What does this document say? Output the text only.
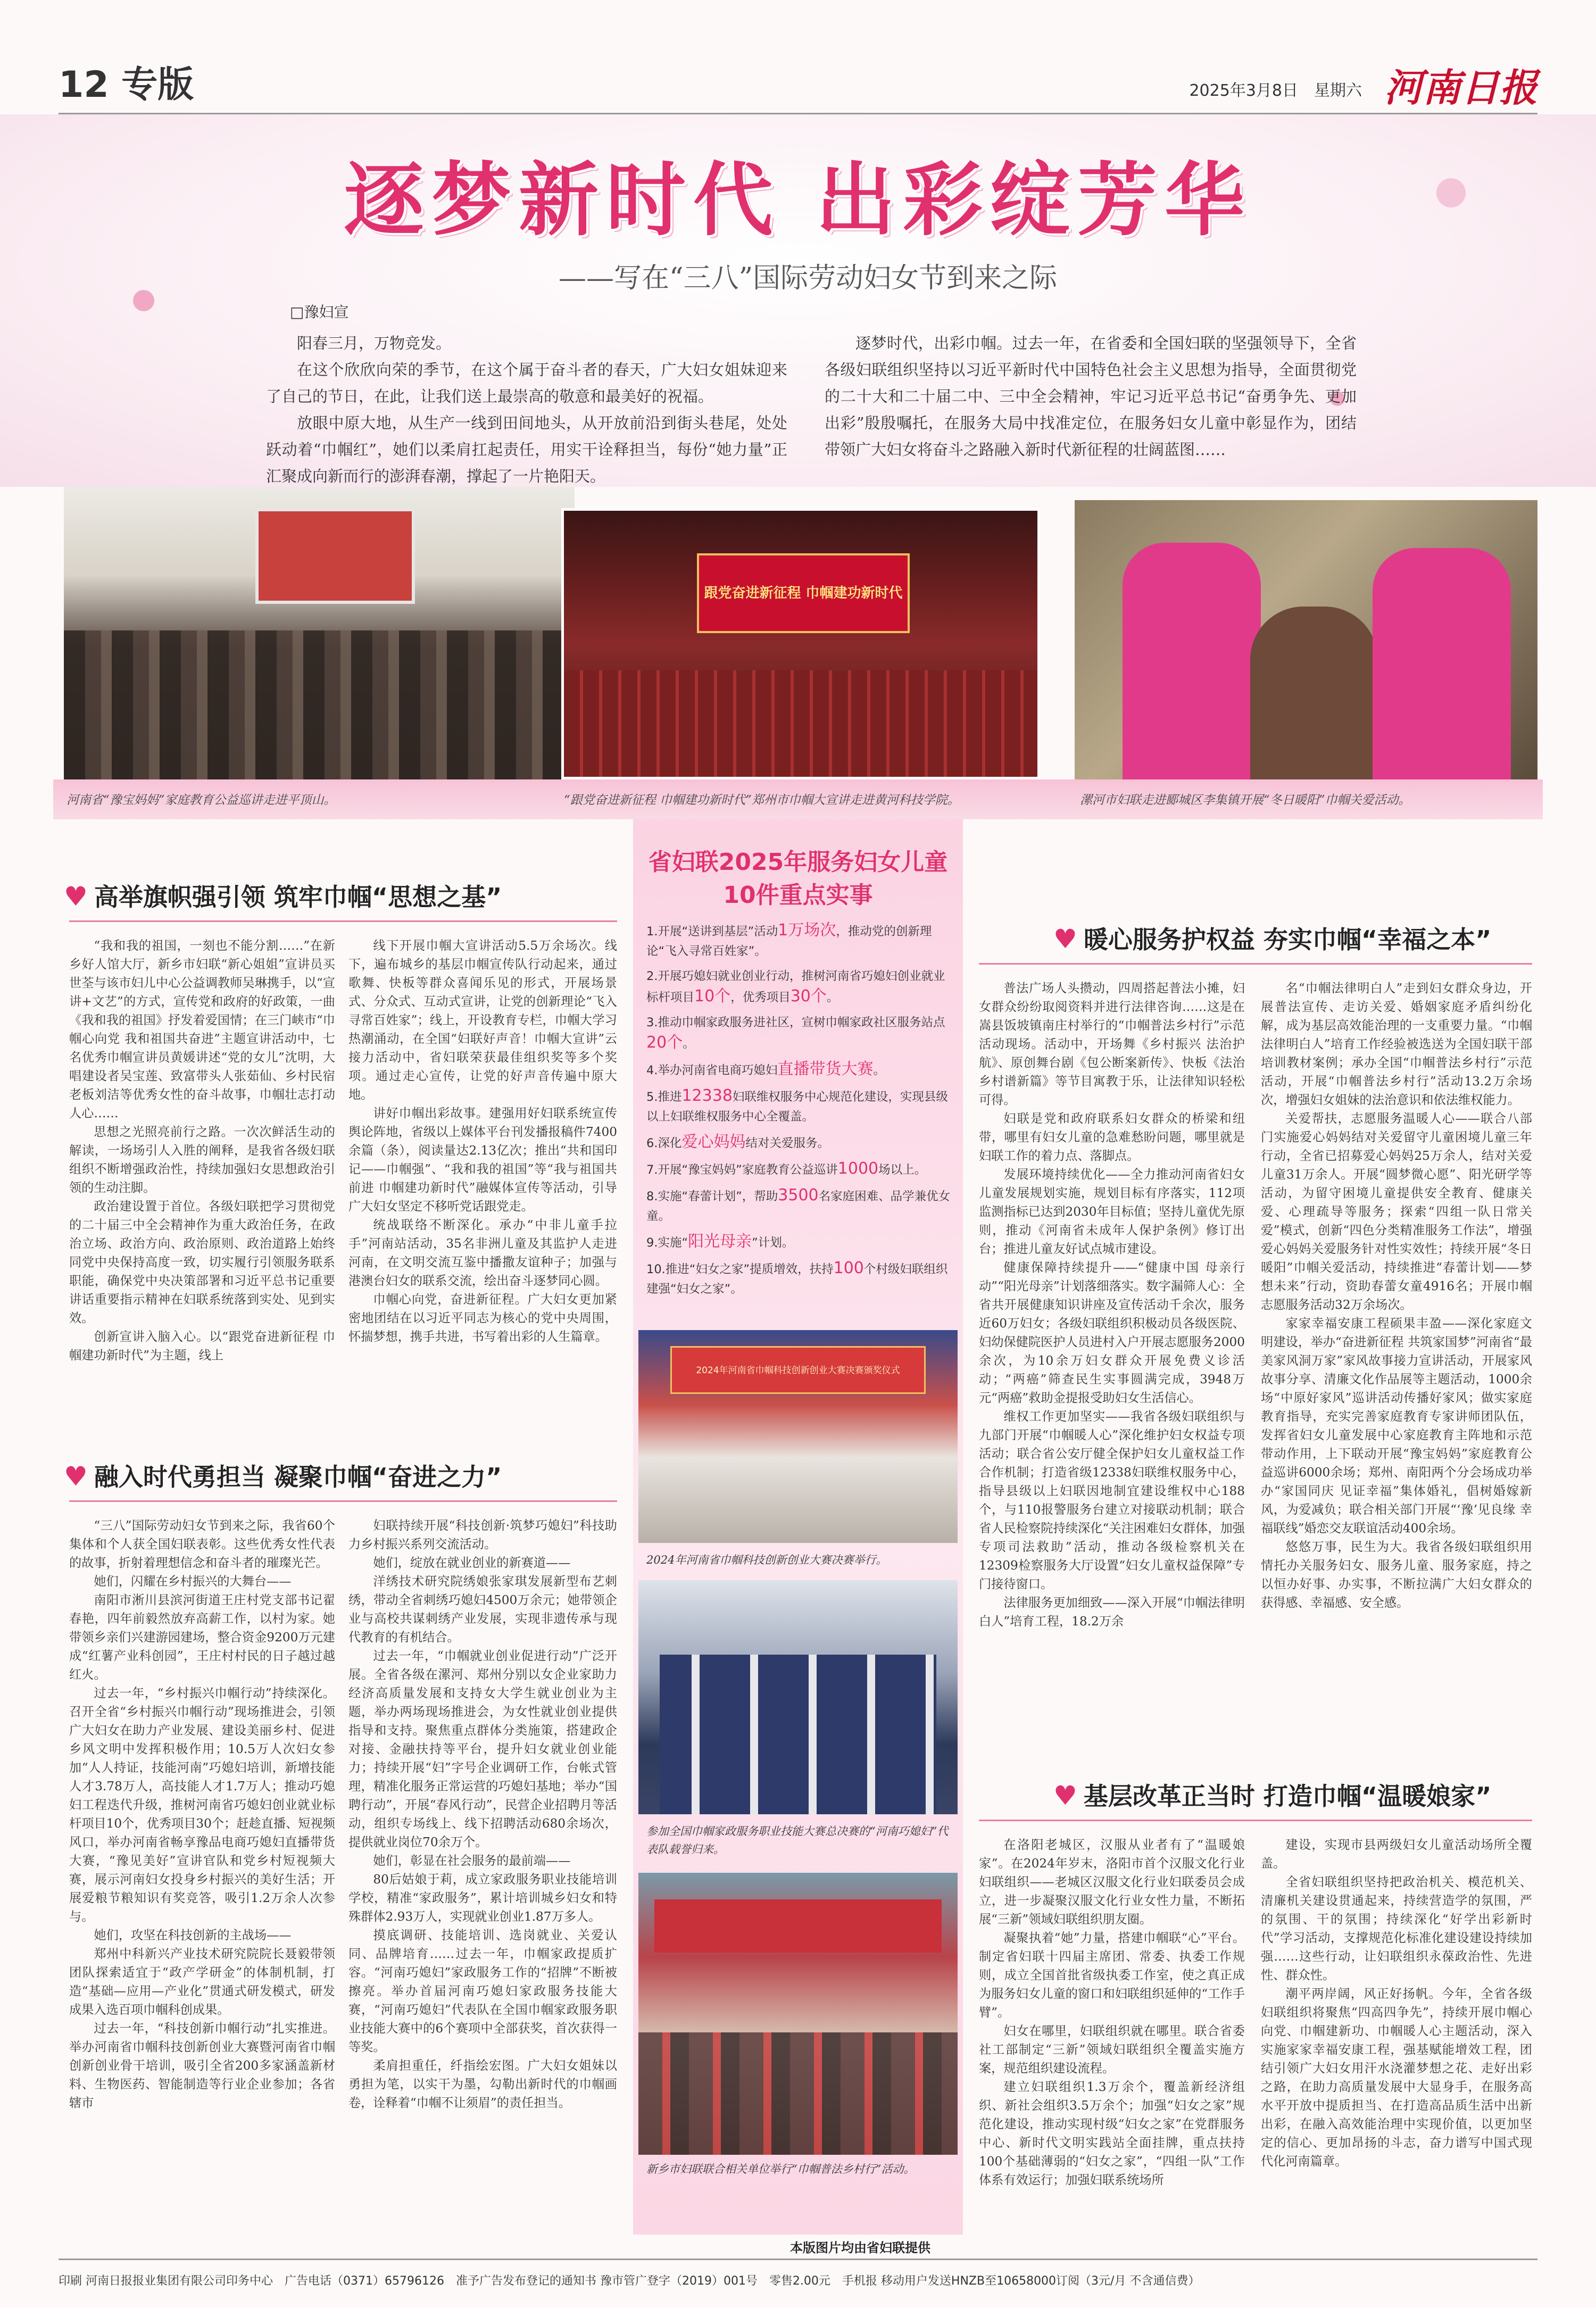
12 专版	2025年3月8日　星期六 河南日报
逐梦新时代 出彩绽芳华
——写在“三八”国际劳动妇女节到来之际
□豫妇宣

阳春三月，万物竞发。

在这个欣欣向荣的季节，在这个属于奋斗者的春天，广大妇女姐妹迎来了自己的节日，在此，让我们送上最崇高的敬意和最美好的祝福。

放眼中原大地，从生产一线到田间地头，从开放前沿到街头巷尾，处处跃动着“巾帼红”，她们以柔肩扛起责任，用实干诠释担当，每份“她力量”正汇聚成向新而行的澎湃春潮，撑起了一片艳阳天。

逐梦时代，出彩巾帼。过去一年，在省委和全国妇联的坚强领导下，全省各级妇联组织坚持以习近平新时代中国特色社会主义思想为指导，全面贯彻党的二十大和二十届二中、三中全会精神，牢记习近平总书记“奋勇争先、更加出彩”殷殷嘱托，在服务大局中找准定位，在服务妇女儿童中彰显作为，团结带领广大妇女将奋斗之路融入新时代新征程的壮阔蓝图……

跟党奋进新征程 巾帼建功新时代
河南省“豫宝妈妈”家庭教育公益巡讲走进平顶山。	“跟党奋进新征程 巾帼建功新时代”郑州市巾帼大宣讲走进黄河科技学院。	漯河市妇联走进郾城区李集镇开展“冬日暖阳”巾帼关爱活动。
♥ 高举旗帜强引领 筑牢巾帼“思想之基”

“我和我的祖国，一刻也不能分割……”在新乡好人馆大厅，新乡市妇联“新心姐姐”宣讲员买世荃与该市妇儿中心公益调教师吴琳携手，以“宣讲+文艺”的方式，宣传党和政府的好政策，一曲《我和我的祖国》抒发着爱国情；在三门峡市“巾帼心向党 我和祖国共奋进”主题宣讲活动中，七名优秀巾帼宣讲员黄媛讲述“党的女儿”沈明，大唱建设者吴宝莲、致富带头人张茹仙、乡村民宿老板刘洁等优秀女性的奋斗故事，巾帼壮志打动人心……

思想之光照亮前行之路。一次次鲜活生动的解读，一场场引人入胜的阐释，是我省各级妇联组织不断增强政治性，持续加强妇女思想政治引领的生动注脚。

政治建设置于首位。各级妇联把学习贯彻党的二十届三中全会精神作为重大政治任务，在政治立场、政治方向、政治原则、政治道路上始终同党中央保持高度一致，切实履行引领服务联系职能，确保党中央决策部署和习近平总书记重要讲话重要指示精神在妇联系统落到实处、见到实效。

创新宣讲入脑入心。以“跟党奋进新征程 巾帼建功新时代”为主题，线上

线下开展巾帼大宣讲活动5.5万余场次。线下，遍布城乡的基层巾帼宣传队行动起来，通过歌舞、快板等群众喜闻乐见的形式，开展场景式、分众式、互动式宣讲，让党的创新理论“飞入寻常百姓家”；线上，开设教育专栏，巾帼大学习热潮涌动，在全国“妇联好声音！巾帼大宣讲”云接力活动中，省妇联荣获最佳组织奖等多个奖项。通过走心宣传，让党的好声音传遍中原大地。

讲好巾帼出彩故事。建强用好妇联系统宣传舆论阵地，省级以上媒体平台刊发播报稿件7400余篇（条），阅读量达2.13亿次；推出“共和国印记——巾帼强”、“我和我的祖国”等“我与祖国共前进 巾帼建功新时代”融媒体宣传等活动，引导广大妇女坚定不移听党话跟党走。

统战联络不断深化。承办“中非儿童手拉手”河南站活动，35名非洲儿童及其监护人走进河南，在文明交流互鉴中播撒友谊种子；加强与港澳台妇女的联系交流，绘出奋斗逐梦同心圆。

巾帼心向党，奋进新征程。广大妇女更加紧密地团结在以习近平同志为核心的党中央周围，怀揣梦想，携手共进，书写着出彩的人生篇章。

♥ 融入时代勇担当 凝聚巾帼“奋进之力”

“三八”国际劳动妇女节到来之际，我省60个集体和个人获全国妇联表彰。这些优秀女性代表的故事，折射着理想信念和奋斗者的璀璨光芒。

她们，闪耀在乡村振兴的大舞台——

南阳市淅川县滨河街道王庄村党支部书记翟春艳，四年前毅然放弃高薪工作，以村为家。她带领乡亲们兴建游园建场，整合资金9200万元建成“红薯产业科创园”，王庄村村民的日子越过越红火。

过去一年，“乡村振兴巾帼行动”持续深化。召开全省“乡村振兴巾帼行动”现场推进会，引领广大妇女在助力产业发展、建设美丽乡村、促进乡风文明中发挥积极作用；10.5万人次妇女参加“人人持证，技能河南”巧媳妇培训，新增技能人才3.78万人，高技能人才1.7万人；推动巧媳妇工程迭代升级，推树河南省巧媳妇创业就业标杆项目10个，优秀项目30个；赶趁直播、短视频风口，举办河南省畅享豫品电商巧媳妇直播带货大赛，“豫见美好”宣讲官队和党乡村短视频大赛，展示河南妇女投身乡村振兴的美好生活；开展爱粮节粮知识有奖竞答，吸引1.2万余人次参与。

她们，攻坚在科技创新的主战场——

郑州中科新兴产业技术研究院院长聂毅带领团队探索适宜于“政产学研金”的体制机制，打造“基础—应用—产业化”贯通式研发模式，研发成果入选百项巾帼科创成果。

过去一年，“科技创新巾帼行动”扎实推进。举办河南省巾帼科技创新创业大赛暨河南省巾帼创新创业骨干培训，吸引全省200多家涵盖新材料、生物医药、智能制造等行业企业参加；各省辖市

妇联持续开展“科技创新·筑梦巧媳妇”科技助力乡村振兴系列交流活动。

她们，绽放在就业创业的新赛道——

洋绣技术研究院绣娘张家琪发展新型布艺刺绣，带动全省刺绣巧媳妇4500万余元；她带领企业与高校共谋刺绣产业发展，实现非遗传承与现代教育的有机结合。

过去一年，“巾帼就业创业促进行动”广泛开展。全省各级在漯河、郑州分别以女企业家助力经济高质量发展和支持女大学生就业创业为主题，举办两场现场推进会，为女性就业创业提供指导和支持。聚焦重点群体分类施策，搭建政企对接、金融扶持等平台，提升妇女就业创业能力；持续开展“妇”字号企业调研工作，台帐式管理，精准化服务正常运营的巧媳妇基地；举办“国聘行动”，开展“春风行动”，民营企业招聘月等活动，组织专场线上、线下招聘活动680余场次，提供就业岗位70余万个。

她们，彰显在社会服务的最前端——

80后姑娘于莉，成立家政服务职业技能培训学校，精准“家政服务”，累计培训城乡妇女和特殊群体2.93万人，实现就业创业1.87万多人。

摸底调研、技能培训、选岗就业、关爱认同、品牌培育……过去一年，巾帼家政提质扩容。“河南巧媳妇”家政服务工作的“招牌”不断被擦亮。举办首届河南巧媳妇家政服务技能大赛，“河南巧媳妇”代表队在全国巾帼家政服务职业技能大赛中的6个赛项中全部获奖，首次获得一等奖。

柔肩担重任，纤指绘宏图。广大妇女姐妹以勇担为笔，以实干为墨，勾勒出新时代的巾帼画卷，诠释着“巾帼不让须眉”的责任担当。

省妇联2025年服务妇女儿童
10件重点实事

1.开展“送讲到基层”活动1万场次，推动党的创新理论“飞入寻常百姓家”。

2.开展巧媳妇就业创业行动，推树河南省巧媳妇创业就业标杆项目10个，优秀项目30个。

3.推动巾帼家政服务进社区，宣树巾帼家政社区服务站点20个。

4.举办河南省电商巧媳妇直播带货大赛。

5.推进12338妇联维权服务中心规范化建设，实现县级以上妇联维权服务中心全覆盖。

6.深化爱心妈妈结对关爱服务。

7.开展“豫宝妈妈”家庭教育公益巡讲1000场以上。

8.实施“春蕾计划”，帮助3500名家庭困难、品学兼优女童。

9.实施“阳光母亲”计划。

10.推进“妇女之家”提质增效，扶持100个村级妇联组织建强“妇女之家”。

2024年河南省巾帼科技创新创业大赛决赛颁奖仪式
2024年河南省巾帼科技创新创业大赛决赛举行。
参加全国巾帼家政服务职业技能大赛总决赛的“河南巧媳妇”代表队载誉归来。
新乡市妇联联合相关单位举行“巾帼普法乡村行”活动。
本版图片均由省妇联提供
♥ 暖心服务护权益 夯实巾帼“幸福之本”

普法广场人头攒动，四周搭起普法小摊，妇女群众纷纷取阅资料并进行法律咨询……这是在嵩县饭坡镇南庄村举行的“巾帼普法乡村行”示范活动现场。活动中，开场舞《乡村振兴 法治护航》、原创舞台剧《包公断案新传》、快板《法治乡村谱新篇》等节目寓教于乐，让法律知识轻松可得。

妇联是党和政府联系妇女群众的桥梁和纽带，哪里有妇女儿童的急难愁盼问题，哪里就是妇联工作的着力点、落脚点。

发展环境持续优化——全力推动河南省妇女儿童发展规划实施，规划目标有序落实，112项监测指标已达到2030年目标值；坚持儿童优先原则，推动《河南省未成年人保护条例》修订出台；推进儿童友好试点城市建设。

健康保障持续提升——“健康中国 母亲行动”“阳光母亲”计划落细落实。数字漏筛人心：全省共开展健康知识讲座及宣传活动千余次，服务近60万妇女；各级妇联组织积极动员各级医院、妇幼保健院医护人员进村入户开展志愿服务2000余次，为10余万妇女群众开展免费义诊活动；“两癌”筛查民生实事圆满完成，3948万元“两癌”救助金提报受助妇女生活信心。

维权工作更加坚实——我省各级妇联组织与九部门开展“巾帼暖人心”深化维护妇女权益专项活动；联合省公安厅健全保护妇女儿童权益工作合作机制；打造省级12338妇联维权服务中心，指导县级以上妇联因地制宜建设维权中心188个，与110报警服务台建立对接联动机制；联合省人民检察院持续深化“关注困难妇女群体，加强专项司法救助”活动，推动各级检察机关在12309检察服务大厅设置“妇女儿童权益保障”专门接待窗口。

法律服务更加细致——深入开展“巾帼法律明白人”培育工程，18.2万余

名“巾帼法律明白人”走到妇女群众身边，开展普法宣传、走访关爱、婚姻家庭矛盾纠纷化解，成为基层高效能治理的一支重要力量。“巾帼法律明白人”培育工作经验被选送为全国妇联干部培训教材案例；承办全国“巾帼普法乡村行”示范活动，开展“巾帼普法乡村行”活动13.2万余场次，增强妇女姐妹的法治意识和依法维权能力。

关爱帮扶，志愿服务温暖人心——联合八部门实施爱心妈妈结对关爱留守儿童困境儿童三年行动，全省已招募爱心妈妈25万余人，结对关爱儿童31万余人。开展“圆梦微心愿”、阳光研学等活动，为留守困境儿童提供安全教育、健康关爱、心理疏导等服务；探索“四组一队日常关爱”模式，创新“四色分类精准服务工作法”，增强爱心妈妈关爱服务针对性实效性；持续开展“冬日暖阳”巾帼关爱活动，持续推进“春蕾计划——梦想未来”行动，资助春蕾女童4916名；开展巾帼志愿服务活动32万余场次。

家家幸福安康工程硕果丰盈——深化家庭文明建设，举办“奋进新征程 共筑家国梦”河南省“最美家风洞万家”家风故事接力宣讲活动，开展家风故事分享、清廉文化作品展等主题活动，1000余场“中原好家风”巡讲活动传播好家风；做实家庭教育指导，充实完善家庭教育专家讲师团队伍，发挥省妇女儿童发展中心家庭教育主阵地和示范带动作用，上下联动开展“豫宝妈妈”家庭教育公益巡讲6000余场；郑州、南阳两个分会场成功举办“家国同庆 见证幸福”集体婚礼，倡树婚嫁新风，为爱减负；联合相关部门开展“‘豫’见良缘 幸福联线”婚恋交友联谊活动400余场。

悠悠万事，民生为大。我省各级妇联组织用情托办关服务妇女、服务儿童、服务家庭，持之以恒办好事、办实事，不断拉满广大妇女群众的获得感、幸福感、安全感。

♥ 基层改革正当时 打造巾帼“温暖娘家”

在洛阳老城区，汉服从业者有了“温暖娘家”。在2024年岁末，洛阳市首个汉服文化行业妇联组织——老城区汉服文化行业妇联委员会成立，进一步凝聚汉服文化行业女性力量，不断拓展“三新”领域妇联组织朋友圈。

凝聚执着“她”力量，搭建巾帼联“心”平台。制定省妇联十四届主席团、常委、执委工作规则，成立全国首批省级执委工作室，使之真正成为服务妇女儿童的窗口和妇联组织延伸的“工作手臂”。

妇女在哪里，妇联组织就在哪里。联合省委社工部制定“三新”领域妇联组织全覆盖实施方案，规范组织建设流程。

建立妇联组织1.3万余个，覆盖新经济组织、新社会组织3.5万余个；加强“妇女之家”规范化建设，推动实现村级“妇女之家”在党群服务中心、新时代文明实践站全面挂牌，重点扶持100个基础薄弱的“妇女之家”，“四组一队”工作体系有效运行；加强妇联系统场所

建设，实现市县两级妇女儿童活动场所全覆盖。

全省妇联组织坚持把政治机关、模范机关、清廉机关建设贯通起来，持续营造学的氛围，严的氛围、干的氛围；持续深化“好学出彩新时代”学习活动，支撑规范化标准化建设建设持续加强……这些行动，让妇联组织永葆政治性、先进性、群众性。

潮平两岸阔，风正好扬帆。今年，全省各级妇联组织将聚焦“四高四争先”，持续开展巾帼心向党、巾帼建新功、巾帼暖人心主题活动，深入实施家家幸福安康工程，强基赋能增效工程，团结引领广大妇女用汗水浇灌梦想之花、走好出彩之路，在助力高质量发展中大显身手，在服务高水平开放中提质担当、在打造高品质生活中出新出彩，在融入高效能治理中实现价值，以更加坚定的信心、更加昂扬的斗志，奋力谱写中国式现代化河南篇章。

印刷 河南日报报业集团有限公司印务中心　广告电话（0371）65796126　准予广告发布登记的通知书 豫市管广登字（2019）001号　零售2.00元　手机报 移动用户发送HNZB至10658000订阅（3元/月 不含通信费）
